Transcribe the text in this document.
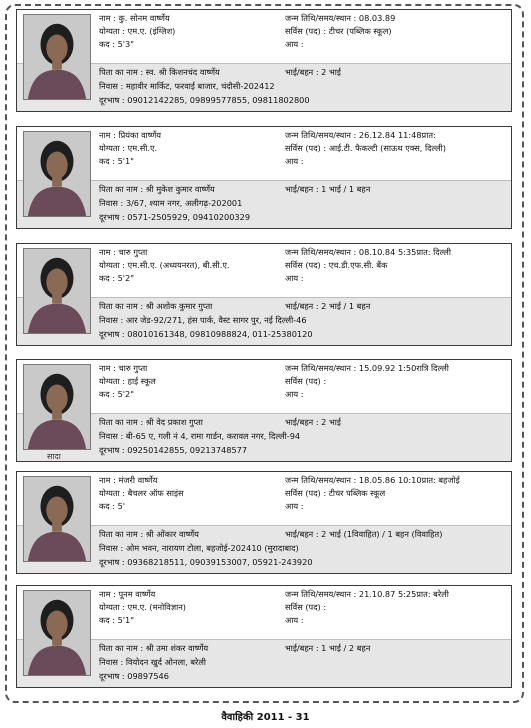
नाम : कु. सोनम वार्ष्णेय
योग्यता : एम.ए. (इंग्लिश)
कद : 5'3"
जन्म तिथि/समय/स्थान : 08.03.89
सर्विस (पद) : टीचर (पब्लिक स्कूल)
आय :
पिता का नाम : स्व. श्री किशनचंद वार्ष्णेय	भाई/बहन : 2 भाई
निवास : महावीर मार्किट, फरवाई बाजार, चंदौसी-202412
दूरभाष : 09012142285, 09899577855, 09811802800
नाम : प्रियंका वार्ष्णेय
योग्यता : एम.सी.ए.
कद : 5'1"
जन्म तिथि/समय/स्थान : 26.12.84 11:48प्रात:
सर्विस (पद) : आई.टी. फैकल्टी (साऊथ एक्स, दिल्ली)
आय :
पिता का नाम : श्री मुकेश कुमार वार्ष्णेय	भाई/बहन : 1 भाई / 1 बहन
निवास : 3/67, श्याम नगर, अलीगढ़-202001
दूरभाष : 0571-2505929, 09410200329
नाम : चारु गुप्ता
योग्यता : एम.सी.ए. (अध्ययनरत), बी.सी.ए.
कद : 5'2"
जन्म तिथि/समय/स्थान : 08.10.84 5:35प्रात: दिल्ली
सर्विस (पद) : एच.डी.एफ.सी. बैंक
आय :
पिता का नाम : श्री अशोक कुमार गुप्ता	भाई/बहन : 2 भाई / 1 बहन
निवास : आर जेड-92/271, हंस पार्क, वैस्ट सागर पुर, नई दिल्ली-46
दूरभाष : 08010161348, 09810988824, 011-25380120
नाम : चारु गुप्ता
योग्यता : हाई स्कूल
कद : 5'2"
जन्म तिथि/समय/स्थान : 15.09.92 1:50रात्रि दिल्ली
सर्विस (पद) :
आय :
पिता का नाम : श्री वेद प्रकाश गुप्ता	भाई/बहन : 2 भाई
निवास : बी-65 ए, गली नं 4, रामा गार्डन, करावल नगर, दिल्ली-94
दूरभाष : 09250142855, 09213748577
सादा
नाम : मंजरी वार्ष्णेय
योग्यता : बैचलर ऑफ साइंस
कद : 5'
जन्म तिथि/समय/स्थान : 18.05.86 10:10प्रात: बहजोई
सर्विस (पद) : टीचर पब्लिक स्कूल
आय :
पिता का नाम : श्री ओंकार वार्ष्णेय	भाई/बहन : 2 भाई (1विवाहित) / 1 बहन (विवाहित)
निवास : ओम भवन, नारायण टोला, बहजोई-202410 (मुरादाबाद)
दूरभाष : 09368218511, 09039153007, 05921-243920
नाम : पूनम वार्ष्णेय
योग्यता : एम.ए. (मनोविज्ञान)
कद : 5'1"
जन्म तिथि/समय/स्थान : 21.10.87 5:25प्रात: बरेली
सर्विस (पद) :
आय :
पिता का नाम : श्री उमा शंकर वार्ष्णेय	भाई/बहन : 1 भाई / 2 बहन
निवास : वियोदन खुर्द ओनला, बरेली
दूरभाष : 09897546
वैवाहिकी 2011 - 31
